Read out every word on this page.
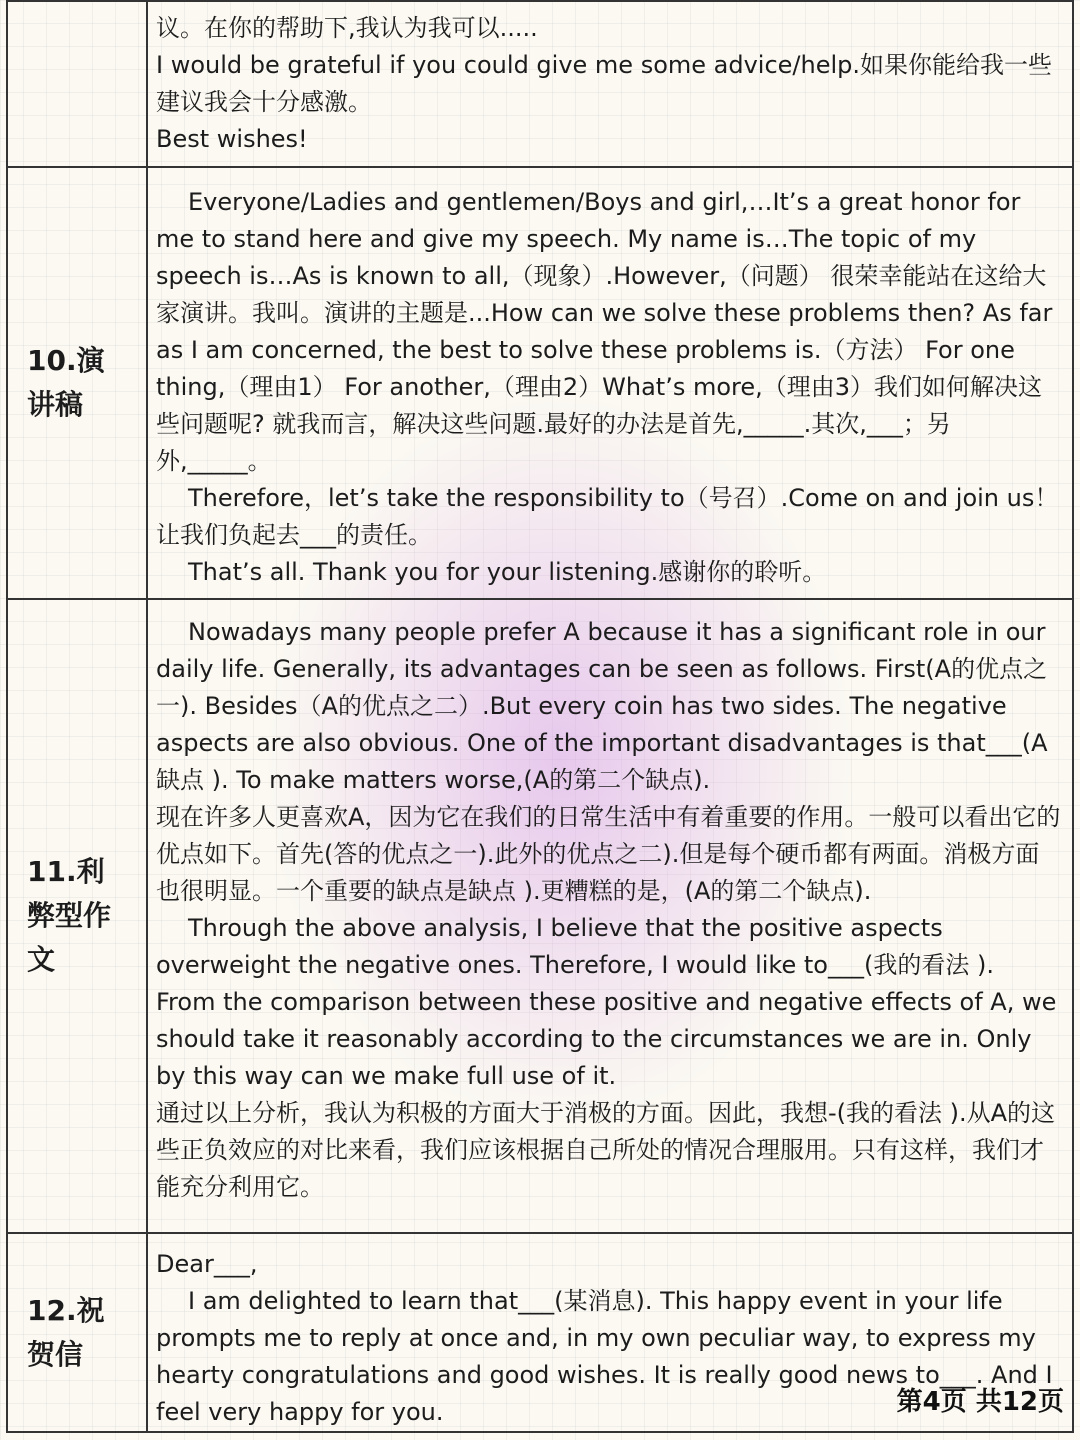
	议。在你的帮助下,我认为我可以.....

I would be grateful if you could give me some advice/help.如果你能给我一些建议我会十分感激。

Best wishes!

10.演讲稿	Everyone/Ladies and gentlemen/Boys and girl,…It’s a great honor for me to stand here and give my speech. My name is…The topic of my speech is…As is known to all,（现象）.However,（问题） 很荣幸能站在这给大家演讲。我叫。演讲的主题是...How can we solve these problems then? As far as I am concerned, the best to solve these problems is.（方法） For one thing,（理由1） For another,（理由2）What’s more,（理由3）我们如何解决这些问题呢? 就我而言，解决这些问题.最好的办法是首先,_____.其次,___；另外,_____。

Therefore，let’s take the responsibility to（号召）.Come on and join us！让我们负起去___的责任。

That’s all. Thank you for your listening.感谢你的聆听。

11.利弊型作文	Nowadays many people prefer A because it has a significant role in our daily life. Generally, its advantages can be seen as follows. First(A的优点之一). Besides（A的优点之二）.But every coin has two sides. The negative aspects are also obvious. One of the important disadvantages is that___(A缺点 ). To make matters worse,(A的第二个缺点).

现在许多人更喜欢A，因为它在我们的日常生活中有着重要的作用。一般可以看出它的优点如下。首先(答的优点之一).此外的优点之二).但是每个硬币都有两面。消极方面也很明显。一个重要的缺点是缺点 ).更糟糕的是，(A的第二个缺点).

Through the above analysis, I believe that the positive aspects overweight the negative ones. Therefore, I would like to___(我的看法 ).

From the comparison between these positive and negative effects of A, we should take it reasonably according to the circumstances we are in. Only by this way can we make full use of it.

通过以上分析，我认为积极的方面大于消极的方面。因此，我想-(我的看法 ).从A的这些正负效应的对比来看，我们应该根据自己所处的情况合理服用。只有这样，我们才能充分利用它。

12.祝贺信	Dear___,

I am delighted to learn that___(某消息). This happy event in your life prompts me to reply at once and, in my own peculiar way, to express my hearty congratulations and good wishes. It is really good news to___. And I feel very happy for you.	第4页 共12页
